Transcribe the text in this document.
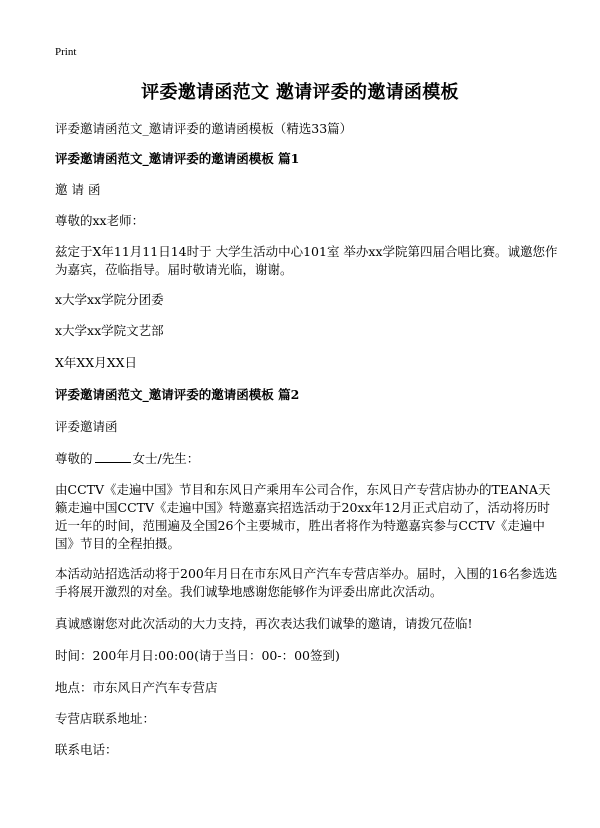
Print
评委邀请函范文 邀请评委的邀请函模板
评委邀请函范文_邀请评委的邀请函模板（精选33篇）
评委邀请函范文_邀请评委的邀请函模板 篇1
邀 请 函
尊敬的xx老师：
兹定于X年11月11日14时于 大学生活动中心101室 举办xx学院第四届合唱比赛。诚邀您作为嘉宾，莅临指导。届时敬请光临，谢谢。
x大学xx学院分团委
x大学xx学院文艺部
X年XX月XX日
评委邀请函范文_邀请评委的邀请函模板 篇2
评委邀请函
尊敬的	女士/先生：
由CCTV《走遍中国》节目和东风日产乘用车公司合作，东风日产专营店协办的TEANA天籁走遍中国CCTV《走遍中国》特邀嘉宾招选活动于20xx年12月正式启动了，活动将历时近一年的时间，范围遍及全国26个主要城市，胜出者将作为特邀嘉宾参与CCTV《走遍中国》节目的全程拍摄。
本活动站招选活动将于200年月日在市东风日产汽车专营店举办。届时，入围的16名参选选手将展开激烈的对垒。我们诚挚地感谢您能够作为评委出席此次活动。
真诚感谢您对此次活动的大力支持，再次表达我们诚挚的邀请，请拨冗莅临!
时间：200年月日:00:00(请于当日：00-：00签到)
地点：市东风日产汽车专营店
专营店联系地址：
联系电话：
